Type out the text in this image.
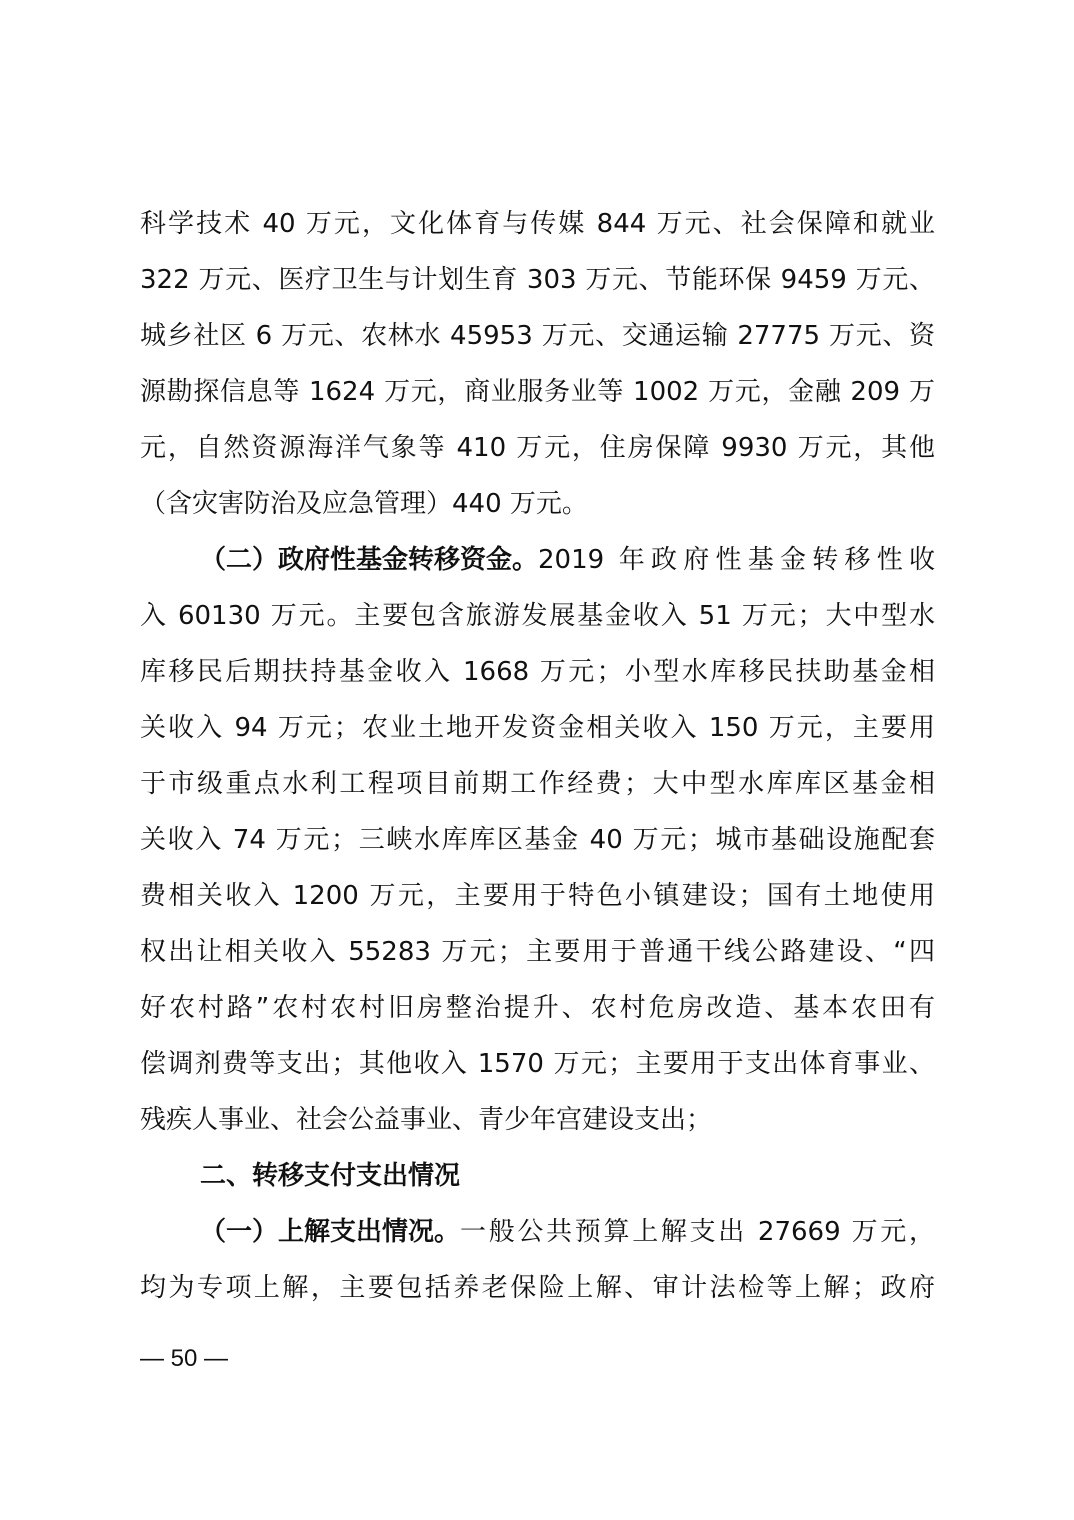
科学技术 40 万元，文化体育与传媒 844 万元、社会保障和就业
322 万元、医疗卫生与计划生育 303 万元、节能环保 9459 万元、
城乡社区 6 万元、农林水 45953 万元、交通运输 27775 万元、资
源勘探信息等 1624 万元，商业服务业等 1002 万元，金融 209 万
元，自然资源海洋气象等 410 万元，住房保障 9930 万元，其他
（含灾害防治及应急管理）440 万元。
（二）政府性基金转移资金。 2019 年政府性基金转移性收
入 60130 万元。主要包含旅游发展基金收入 51 万元；大中型水
库移民后期扶持基金收入 1668 万元；小型水库移民扶助基金相
关收入 94 万元；农业土地开发资金相关收入 150 万元，主要用
于市级重点水利工程项目前期工作经费；大中型水库库区基金相
关收入 74 万元；三峡水库库区基金 40 万元；城市基础设施配套
费相关收入 1200 万元，主要用于特色小镇建设；国有土地使用
权出让相关收入 55283 万元；主要用于普通干线公路建设、“四
好农村路”农村农村旧房整治提升、农村危房改造、基本农田有
偿调剂费等支出；其他收入 1570 万元；主要用于支出体育事业、
残疾人事业、社会公益事业、青少年宫建设支出；
二、转移支付支出情况
（一）上解支出情况。 一般公共预算上解支出 27669 万元，
均为专项上解，主要包括养老保险上解、审计法检等上解；政府
— 50 —
